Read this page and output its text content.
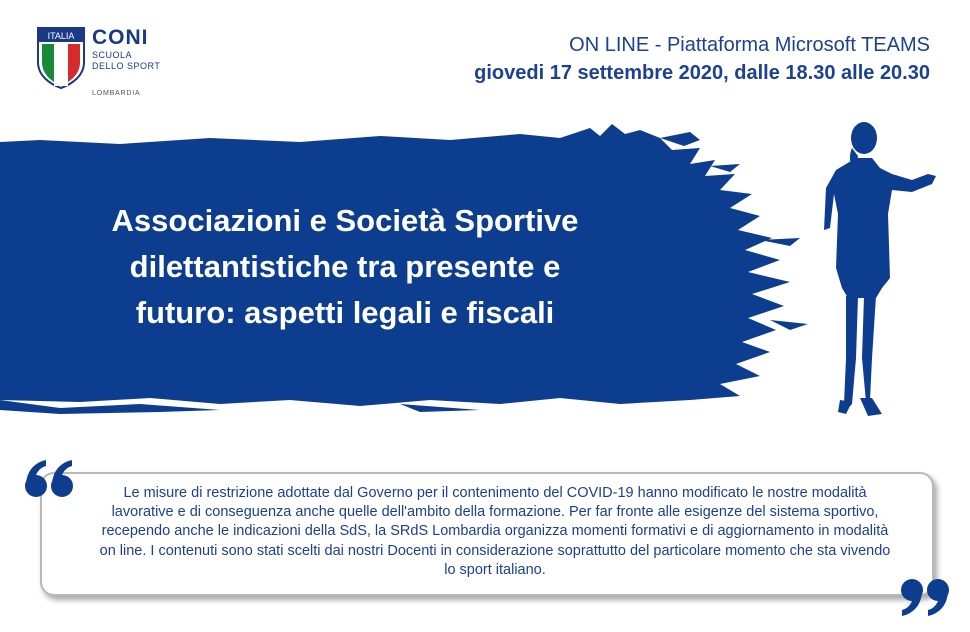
ITALIA CONI
SCUOLA
DELLO SPORT
LOMBARDIA
ON LINE - Piattaforma Microsoft TEAMS
giovedi 17 settembre 2020, dalle 18.30 alle 20.30
Associazioni e Società Sportive
dilettantistiche tra presente e
futuro: aspetti legali e fiscali
Le misure di restrizione adottate dal Governo per il contenimento del COVID-19 hanno modificato le nostre modalità lavorative e di conseguenza anche quelle dell'ambito della formazione. Per far fronte alle esigenze del sistema sportivo, recependo anche le indicazioni della SdS, la SRdS Lombardia organizza momenti formativi e di aggiornamento in modalità on line. I contenuti sono stati scelti dai nostri Docenti in considerazione soprattutto del particolare momento che sta vivendo lo sport italiano.
